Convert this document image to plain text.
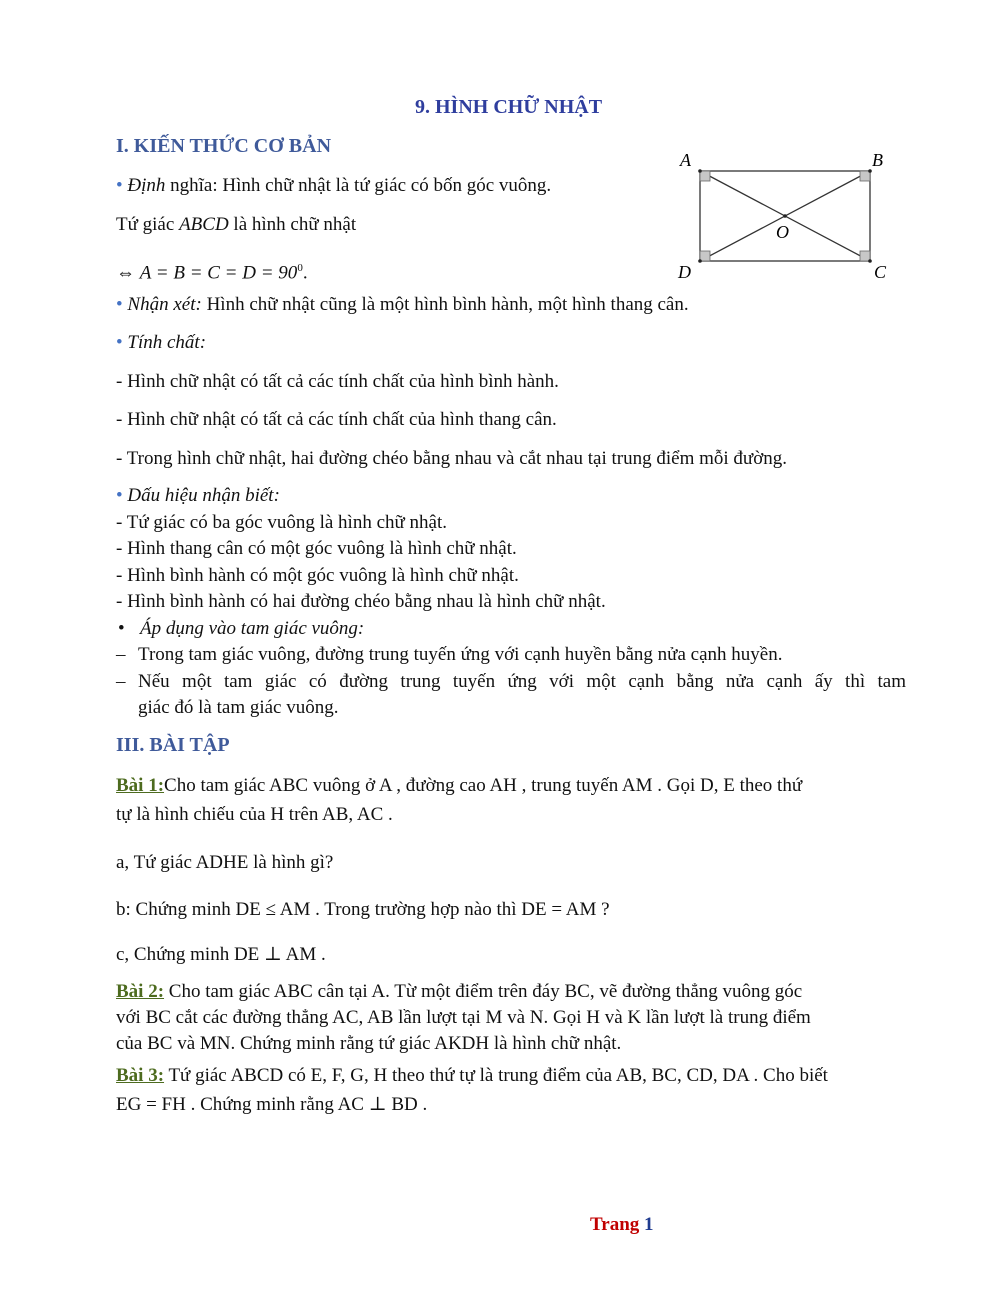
9. HÌNH CHỮ NHẬT
I. KIẾN THỨC CƠ BẢN
• Định nghĩa: Hình chữ nhật là tứ giác có bốn góc vuông.
Tứ giác ABCD là hình chữ nhật
⇔ $A = B = C = D = 90^0$.
A	B
C
D
O
• Nhận xét: Hình chữ nhật cũng là một hình bình hành, một hình thang cân.
• Tính chất:
- Hình chữ nhật có tất cả các tính chất của hình bình hành.
- Hình chữ nhật có tất cả các tính chất của hình thang cân.
- Trong hình chữ nhật, hai đường chéo bằng nhau và cắt nhau tại trung điểm mỗi đường.
• Dấu hiệu nhận biết:
- Tứ giác có ba góc vuông là hình chữ nhật.
- Hình thang cân có một góc vuông là hình chữ nhật.
- Hình bình hành có một góc vuông là hình chữ nhật.
- Hình bình hành có hai đường chéo bằng nhau là hình chữ nhật.
• Áp dụng vào tam giác vuông:
– Trong tam giác vuông, đường trung tuyến ứng với cạnh huyền bằng nửa cạnh huyền.
– Nếu một tam giác có đường trung tuyến ứng với một cạnh bằng nửa cạnh ấy thì tam
giác đó là tam giác vuông.
III. BÀI TẬP
Bài 1:Cho tam giác ABC vuông ở A , đường cao AH , trung tuyến AM . Gọi D, E theo thứ
tự là hình chiếu của H trên AB, AC .
a, Tứ giác ADHE là hình gì?
b: Chứng minh DE ≤ AM . Trong trường hợp nào thì DE = AM ?
c, Chứng minh DE ⊥ AM .
Bài 2: Cho tam giác ABC cân tại A. Từ một điểm trên đáy BC, vẽ đường thẳng vuông góc
với BC cắt các đường thẳng AC, AB lần lượt tại M và N. Gọi H và K lần lượt là trung điểm
của BC và MN. Chứng minh rằng tứ giác AKDH là hình chữ nhật.
Bài 3: Tứ giác ABCD có E, F, G, H theo thứ tự là trung điểm của AB, BC, CD, DA . Cho biết
EG = FH . Chứng minh rằng AC ⊥ BD .
Trang 1
